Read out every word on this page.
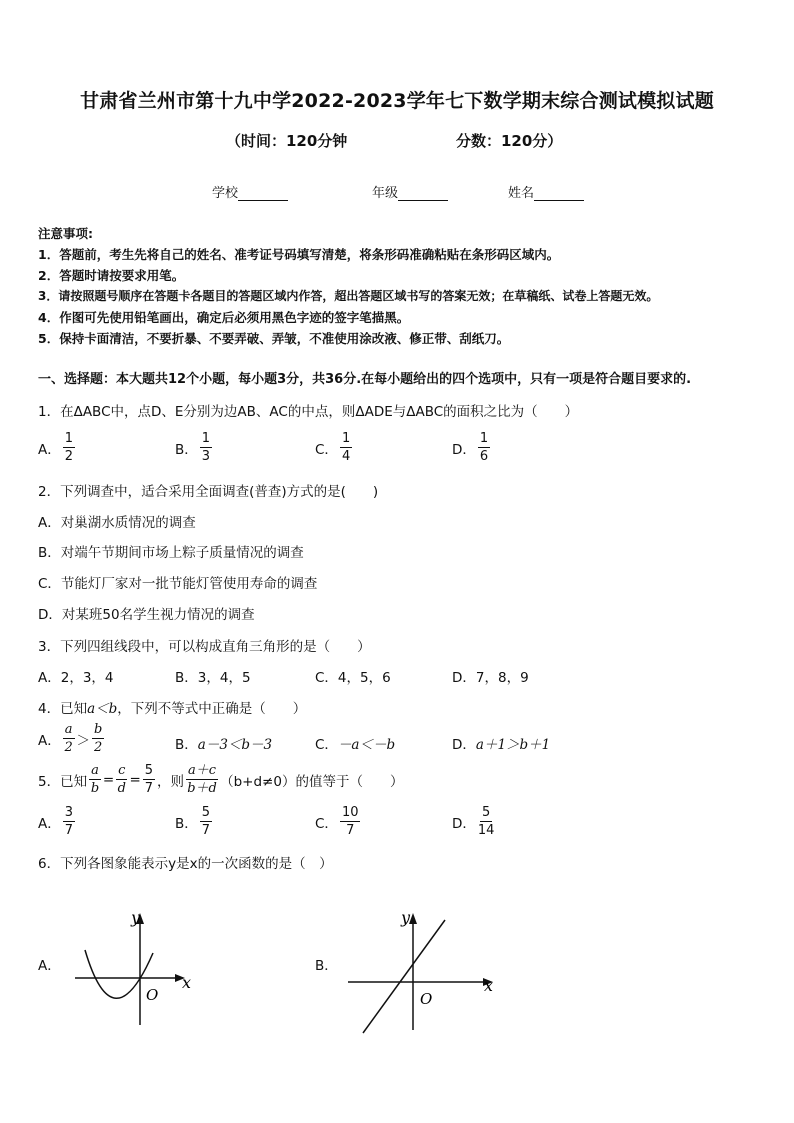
甘肃省兰州市第十九中学2022-2023学年七下数学期末综合测试模拟试题
（时间：120分钟	分数：120分）
学校	年级	姓名
注意事项:
1．答题前，考生先将自己的姓名、准考证号码填写清楚，将条形码准确粘贴在条形码区域内。
2．答题时请按要求用笔。
3．请按照题号顺序在答题卡各题目的答题区域内作答，超出答题区域书写的答案无效；在草稿纸、试卷上答题无效。
4．作图可先使用铅笔画出，确定后必须用黑色字迹的签字笔描黑。
5．保持卡面清洁，不要折暴、不要弄破、弄皱，不准使用涂改液、修正带、刮纸刀。
一、选择题：本大题共12个小题，每小题3分，共36分.在每小题给出的四个选项中，只有一项是符合题目要求的.
1．在ΔABC中，点D、E分别为边AB、AC的中点，则ΔADE与ΔABC的面积之比为（　　）
A． $\frac{1}{2}$	B． $\frac{1}{3}$	C． $\frac{1}{4}$	D． $\frac{1}{6}$
2．下列调查中，适合采用全面调查(普查)方式的是(　　)
A．对巢湖水质情况的调查
B．对端午节期间市场上粽子质量情况的调查
C．节能灯厂家对一批节能灯管使用寿命的调查
D．对某班50名学生视力情况的调查
3．下列四组线段中，可以构成直角三角形的是（　　）
A．2，3，4	B．3，4，5	C．4，5，6	D．7，8，9
4．已知a＜b，下列不等式中正确是（　　）
A． $\frac{a}{2} > \frac{b}{2}$	B．a－3＜b－3	C．－a＜－b	D．a＋1＞b＋1
5．已知 $\frac{a}{b} = \frac{c}{d} = \frac{5}{7}$ ，则 $\frac{a+c}{b+d} (b+d\ne 0)$的值等于（　　）
A． $\frac{3}{7}$	B． $\frac{5}{7}$	C． $\frac{10}{7}$	D． $\frac{5}{14}$
6．下列各图象能表示y是x的一次函数的是（　）
A．	B．
y
x
O
y
x
O
